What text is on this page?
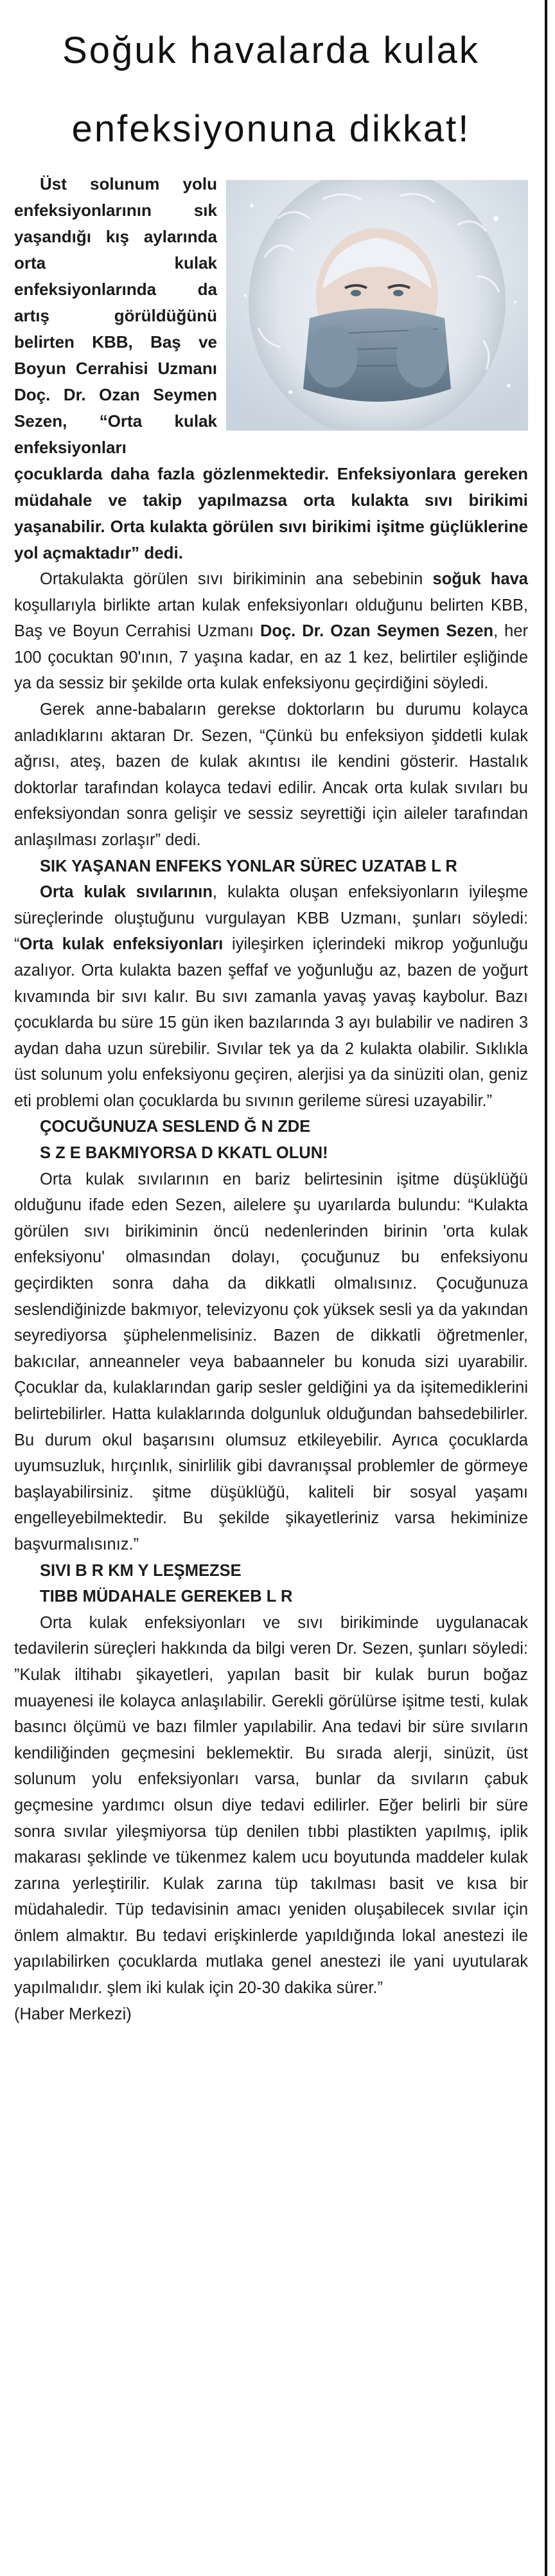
Soğuk havalarda kulak
enfeksiyonuna dikkat!
Üst solunum yolu enfeksiyonlarının sık yaşandığı kış aylarında orta kulak enfeksiyonlarında da artış görüldüğünü belirten KBB, Baş ve Boyun Cerrahisi Uzmanı Doç. Dr. Ozan Seymen Sezen, “Orta kulak enfeksiyonları çocuklarda daha fazla gözlenmektedir. Enfeksiyonlara gereken müdahale ve takip yapılmazsa orta kulakta sıvı birikimi yaşanabilir. Orta kulakta görülen sıvı birikimi işitme güçlüklerine yol açmaktadır” dedi.

Ortakulakta görülen sıvı birikiminin ana sebebinin soğuk hava koşullarıyla birlikte artan kulak enfeksiyonları olduğunu belirten KBB, Baş ve Boyun Cerrahisi Uzmanı Doç. Dr. Ozan Seymen Sezen, her 100 çocuktan 90'ının, 7 yaşına kadar, en az 1 kez, belirtiler eşliğinde ya da sessiz bir şekilde orta kulak enfeksiyonu geçirdiğini söyledi.

Gerek anne-babaların gerekse doktorların bu durumu kolayca anladıklarını aktaran Dr. Sezen, “Çünkü bu enfeksiyon şiddetli kulak ağrısı, ateş, bazen de kulak akıntısı ile kendini gösterir. Hastalık doktorlar tarafından kolayca tedavi edilir. Ancak orta kulak sıvıları bu enfeksiyondan sonra gelişir ve sessiz seyrettiği için aileler tarafından anlaşılması zorlaşır” dedi.

SIK YAŞANAN ENFEKS YONLAR SÜREC UZATAB L R

Orta kulak sıvılarının, kulakta oluşan enfeksiyonların iyileşme süreçlerinde oluştuğunu vurgulayan KBB Uzmanı, şunları söyledi: “Orta kulak enfeksiyonları iyileşirken içlerindeki mikrop yoğunluğu azalıyor. Orta kulakta bazen şeffaf ve yoğunluğu az, bazen de yoğurt kıvamında bir sıvı kalır. Bu sıvı zamanla yavaş yavaş kaybolur. Bazı çocuklarda bu süre 15 gün iken bazılarında 3 ayı bulabilir ve nadiren 3 aydan daha uzun sürebilir. Sıvılar tek ya da 2 kulakta olabilir. Sıklıkla üst solunum yolu enfeksiyonu geçiren, alerjisi ya da sinüziti olan, geniz eti problemi olan çocuklarda bu sıvının gerileme süresi uzayabilir.”

ÇOCUĞUNUZA SESLEND Ğ N ZDE
S Z E BAKMIYORSA D KKATL OLUN!

Orta kulak sıvılarının en bariz belirtesinin işitme düşüklüğü olduğunu ifade eden Sezen, ailelere şu uyarılarda bulundu: “Kulakta görülen sıvı birikiminin öncü nedenlerinden birinin 'orta kulak enfeksiyonu' olmasından dolayı, çocuğunuz bu enfeksiyonu geçirdikten sonra daha da dikkatli olmalısınız. Çocuğunuza seslendiğinizde bakmıyor, televizyonu çok yüksek sesli ya da yakından seyrediyorsa şüphelenmelisiniz. Bazen de dikkatli öğretmenler, bakıcılar, anneanneler veya babaanneler bu konuda sizi uyarabilir. Çocuklar da, kulaklarından garip sesler geldiğini ya da işitemediklerini belirtebilirler. Hatta kulaklarında dolgunluk olduğundan bahsedebilirler. Bu durum okul başarısını olumsuz etkileyebilir. Ayrıca çocuklarda uyumsuzluk, hırçınlık, sinirlilik gibi davranışsal problemler de görmeye başlayabilirsiniz. şitme düşüklüğü, kaliteli bir sosyal yaşamı engelleyebilmektedir. Bu şekilde şikayetleriniz varsa hekiminize başvurmalısınız.”

SIVI B R KM Y LEŞMEZSE
TIBB MÜDAHALE GEREKEB L R

Orta kulak enfeksiyonları ve sıvı birikiminde uygulanacak tedavilerin süreçleri hakkında da bilgi veren Dr. Sezen, şunları söyledi: ”Kulak iltihabı şikayetleri, yapılan basit bir kulak burun boğaz muayenesi ile kolayca anlaşılabilir. Gerekli görülürse işitme testi, kulak basıncı ölçümü ve bazı filmler yapılabilir. Ana tedavi bir süre sıvıların kendiliğinden geçmesini beklemektir. Bu sırada alerji, sinüzit, üst solunum yolu enfeksiyonları varsa, bunlar da sıvıların çabuk geçmesine yardımcı olsun diye tedavi edilirler. Eğer belirli bir süre sonra sıvılar yileşmiyorsa tüp denilen tıbbi plastikten yapılmış, iplik makarası şeklinde ve tükenmez kalem ucu boyutunda maddeler kulak zarına yerleştirilir. Kulak zarına tüp takılması basit ve kısa bir müdahaledir. Tüp tedavisinin amacı yeniden oluşabilecek sıvılar için önlem almaktır. Bu tedavi erişkinlerde yapıldığında lokal anestezi ile yapılabilirken çocuklarda mutlaka genel anestezi ile yani uyutularak yapılmalıdır. şlem iki kulak için 20-30 dakika sürer.”

(Haber Merkezi)
